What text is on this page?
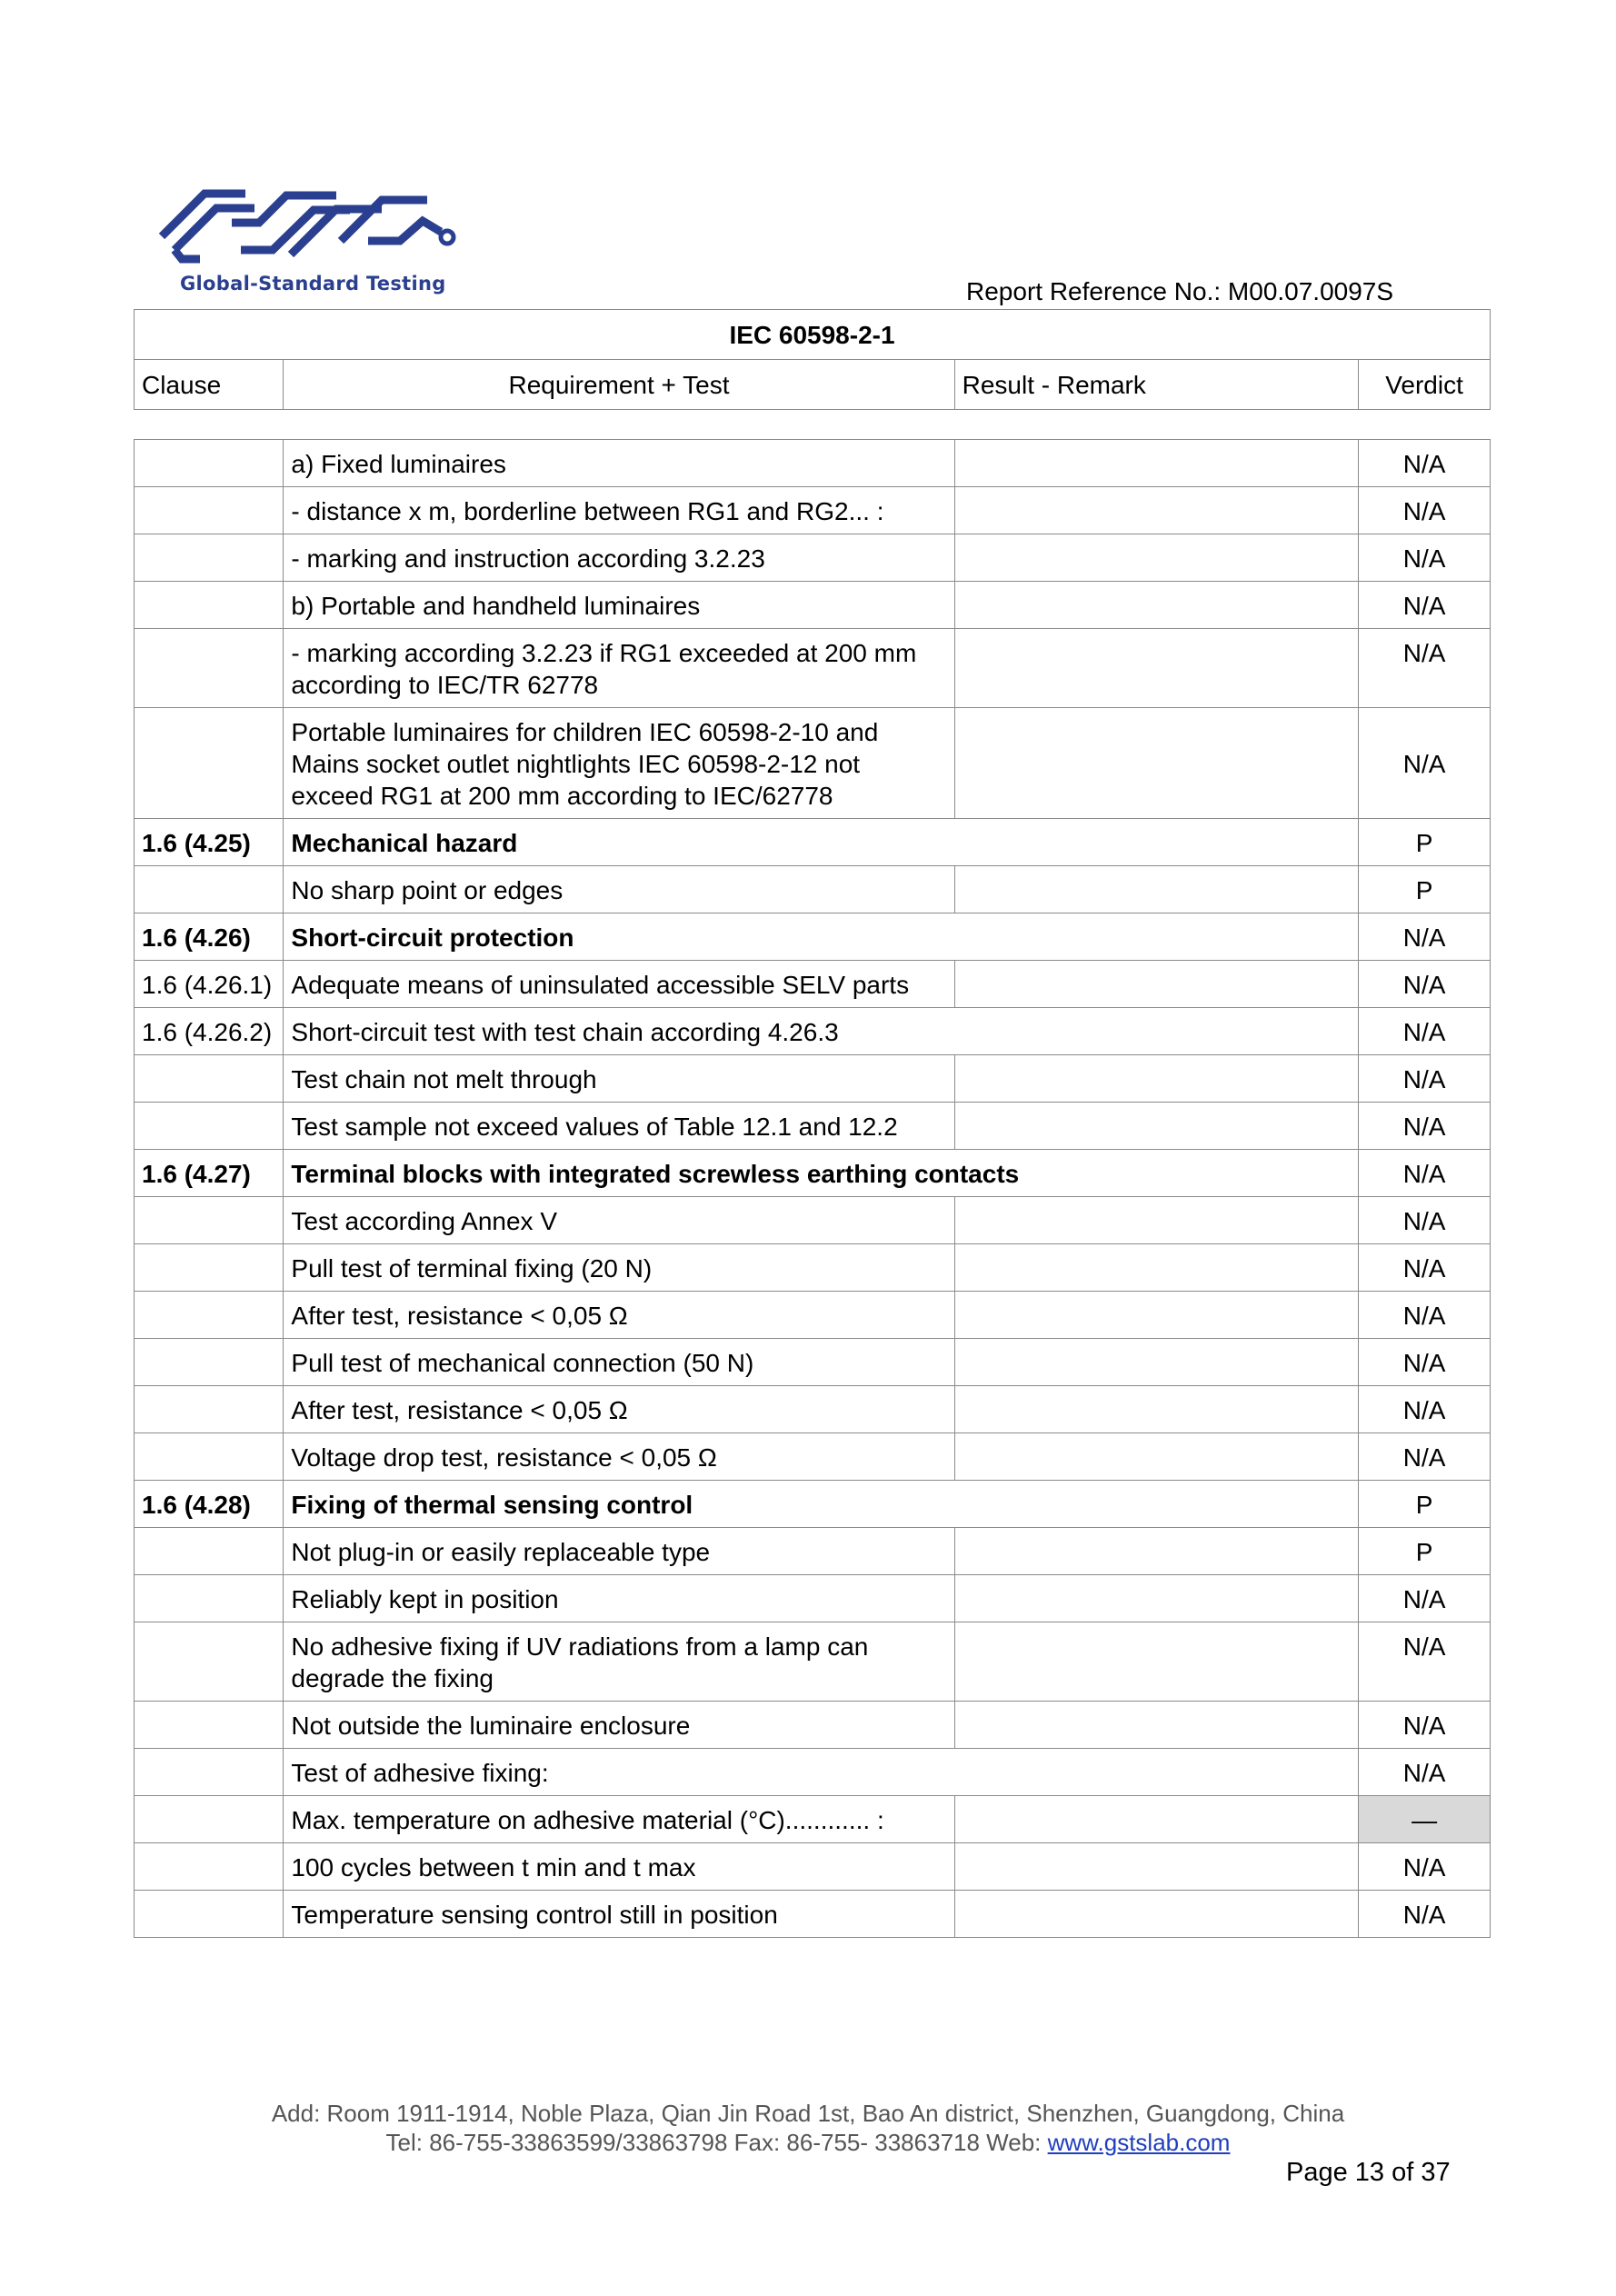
Global-Standard Testing	Report Reference No.: M00.07.0097S
IEC 60598-2-1
Clause	Requirement + Test	Result - Remark	Verdict
	a) Fixed luminaires		N/A
	- distance x m, borderline between RG1 and RG2... :		N/A
	- marking and instruction according 3.2.23		N/A
	b) Portable and handheld luminaires		N/A
	- marking according 3.2.23 if RG1 exceeded at 200 mm according to IEC/TR 62778		N/A
	Portable luminaires for children IEC 60598-2-10 and Mains socket outlet nightlights IEC 60598-2-12 not exceed RG1 at 200 mm according to IEC/62778		N/A
1.6 (4.25)	Mechanical hazard		P
	No sharp point or edges		P
1.6 (4.26)	Short-circuit protection		N/A
1.6 (4.26.1)	Adequate means of uninsulated accessible SELV parts		N/A
1.6 (4.26.2)	Short-circuit test with test chain according 4.26.3		N/A
	Test chain not melt through		N/A
	Test sample not exceed values of Table 12.1 and 12.2		N/A
1.6 (4.27)	Terminal blocks with integrated screwless earthing contacts		N/A
	Test according Annex V		N/A
	Pull test of terminal fixing (20 N)		N/A
	After test, resistance < 0,05 Ω		N/A
	Pull test of mechanical connection (50 N)		N/A
	After test, resistance < 0,05 Ω		N/A
	Voltage drop test, resistance < 0,05 Ω		N/A
1.6 (4.28)	Fixing of thermal sensing control		P
	Not plug-in or easily replaceable type		P
	Reliably kept in position		N/A
	No adhesive fixing if UV radiations from a lamp can degrade the fixing		N/A
	Not outside the luminaire enclosure		N/A
	Test of adhesive fixing:		N/A
	Max. temperature on adhesive material (°C)............ :		—
	100 cycles between t min and t max		N/A
	Temperature sensing control still in position		N/A
Add: Room 1911-1914, Noble Plaza, Qian Jin Road 1st, Bao An district, Shenzhen, Guangdong, China
Tel: 86-755-33863599/33863798 Fax: 86-755- 33863718 Web: www.gstslab.com
Page 13 of 37
